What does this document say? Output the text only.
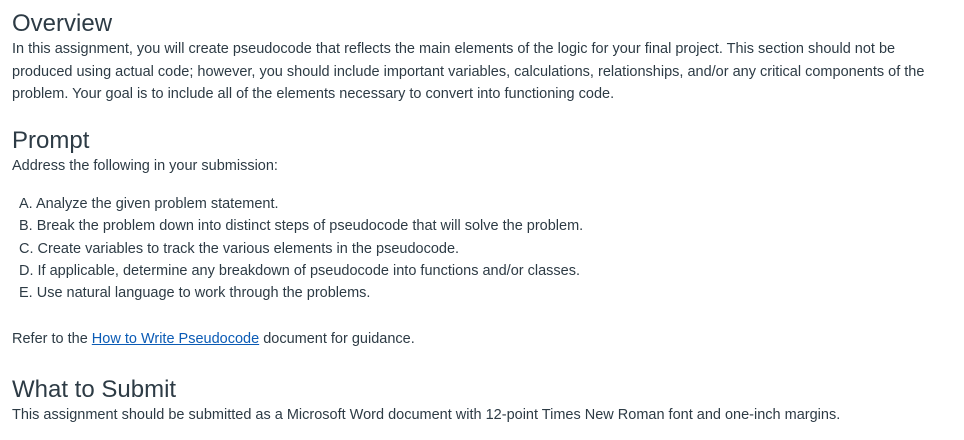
Overview

In this assignment, you will create pseudocode that reflects the main elements of the logic for your final project. This section should not be produced using actual code; however, you should include important variables, calculations, relationships, and/or any critical components of the problem. Your goal is to include all of the elements necessary to convert into functioning code.

Prompt

Address the following in your submission:

A. Analyze the given problem statement.
B. Break the problem down into distinct steps of pseudocode that will solve the problem.
C. Create variables to track the various elements in the pseudocode.
D. If applicable, determine any breakdown of pseudocode into functions and/or classes.
E. Use natural language to work through the problems.

Refer to the How to Write Pseudocode document for guidance.

What to Submit

This assignment should be submitted as a Microsoft Word document with 12-point Times New Roman font and one-inch margins.
